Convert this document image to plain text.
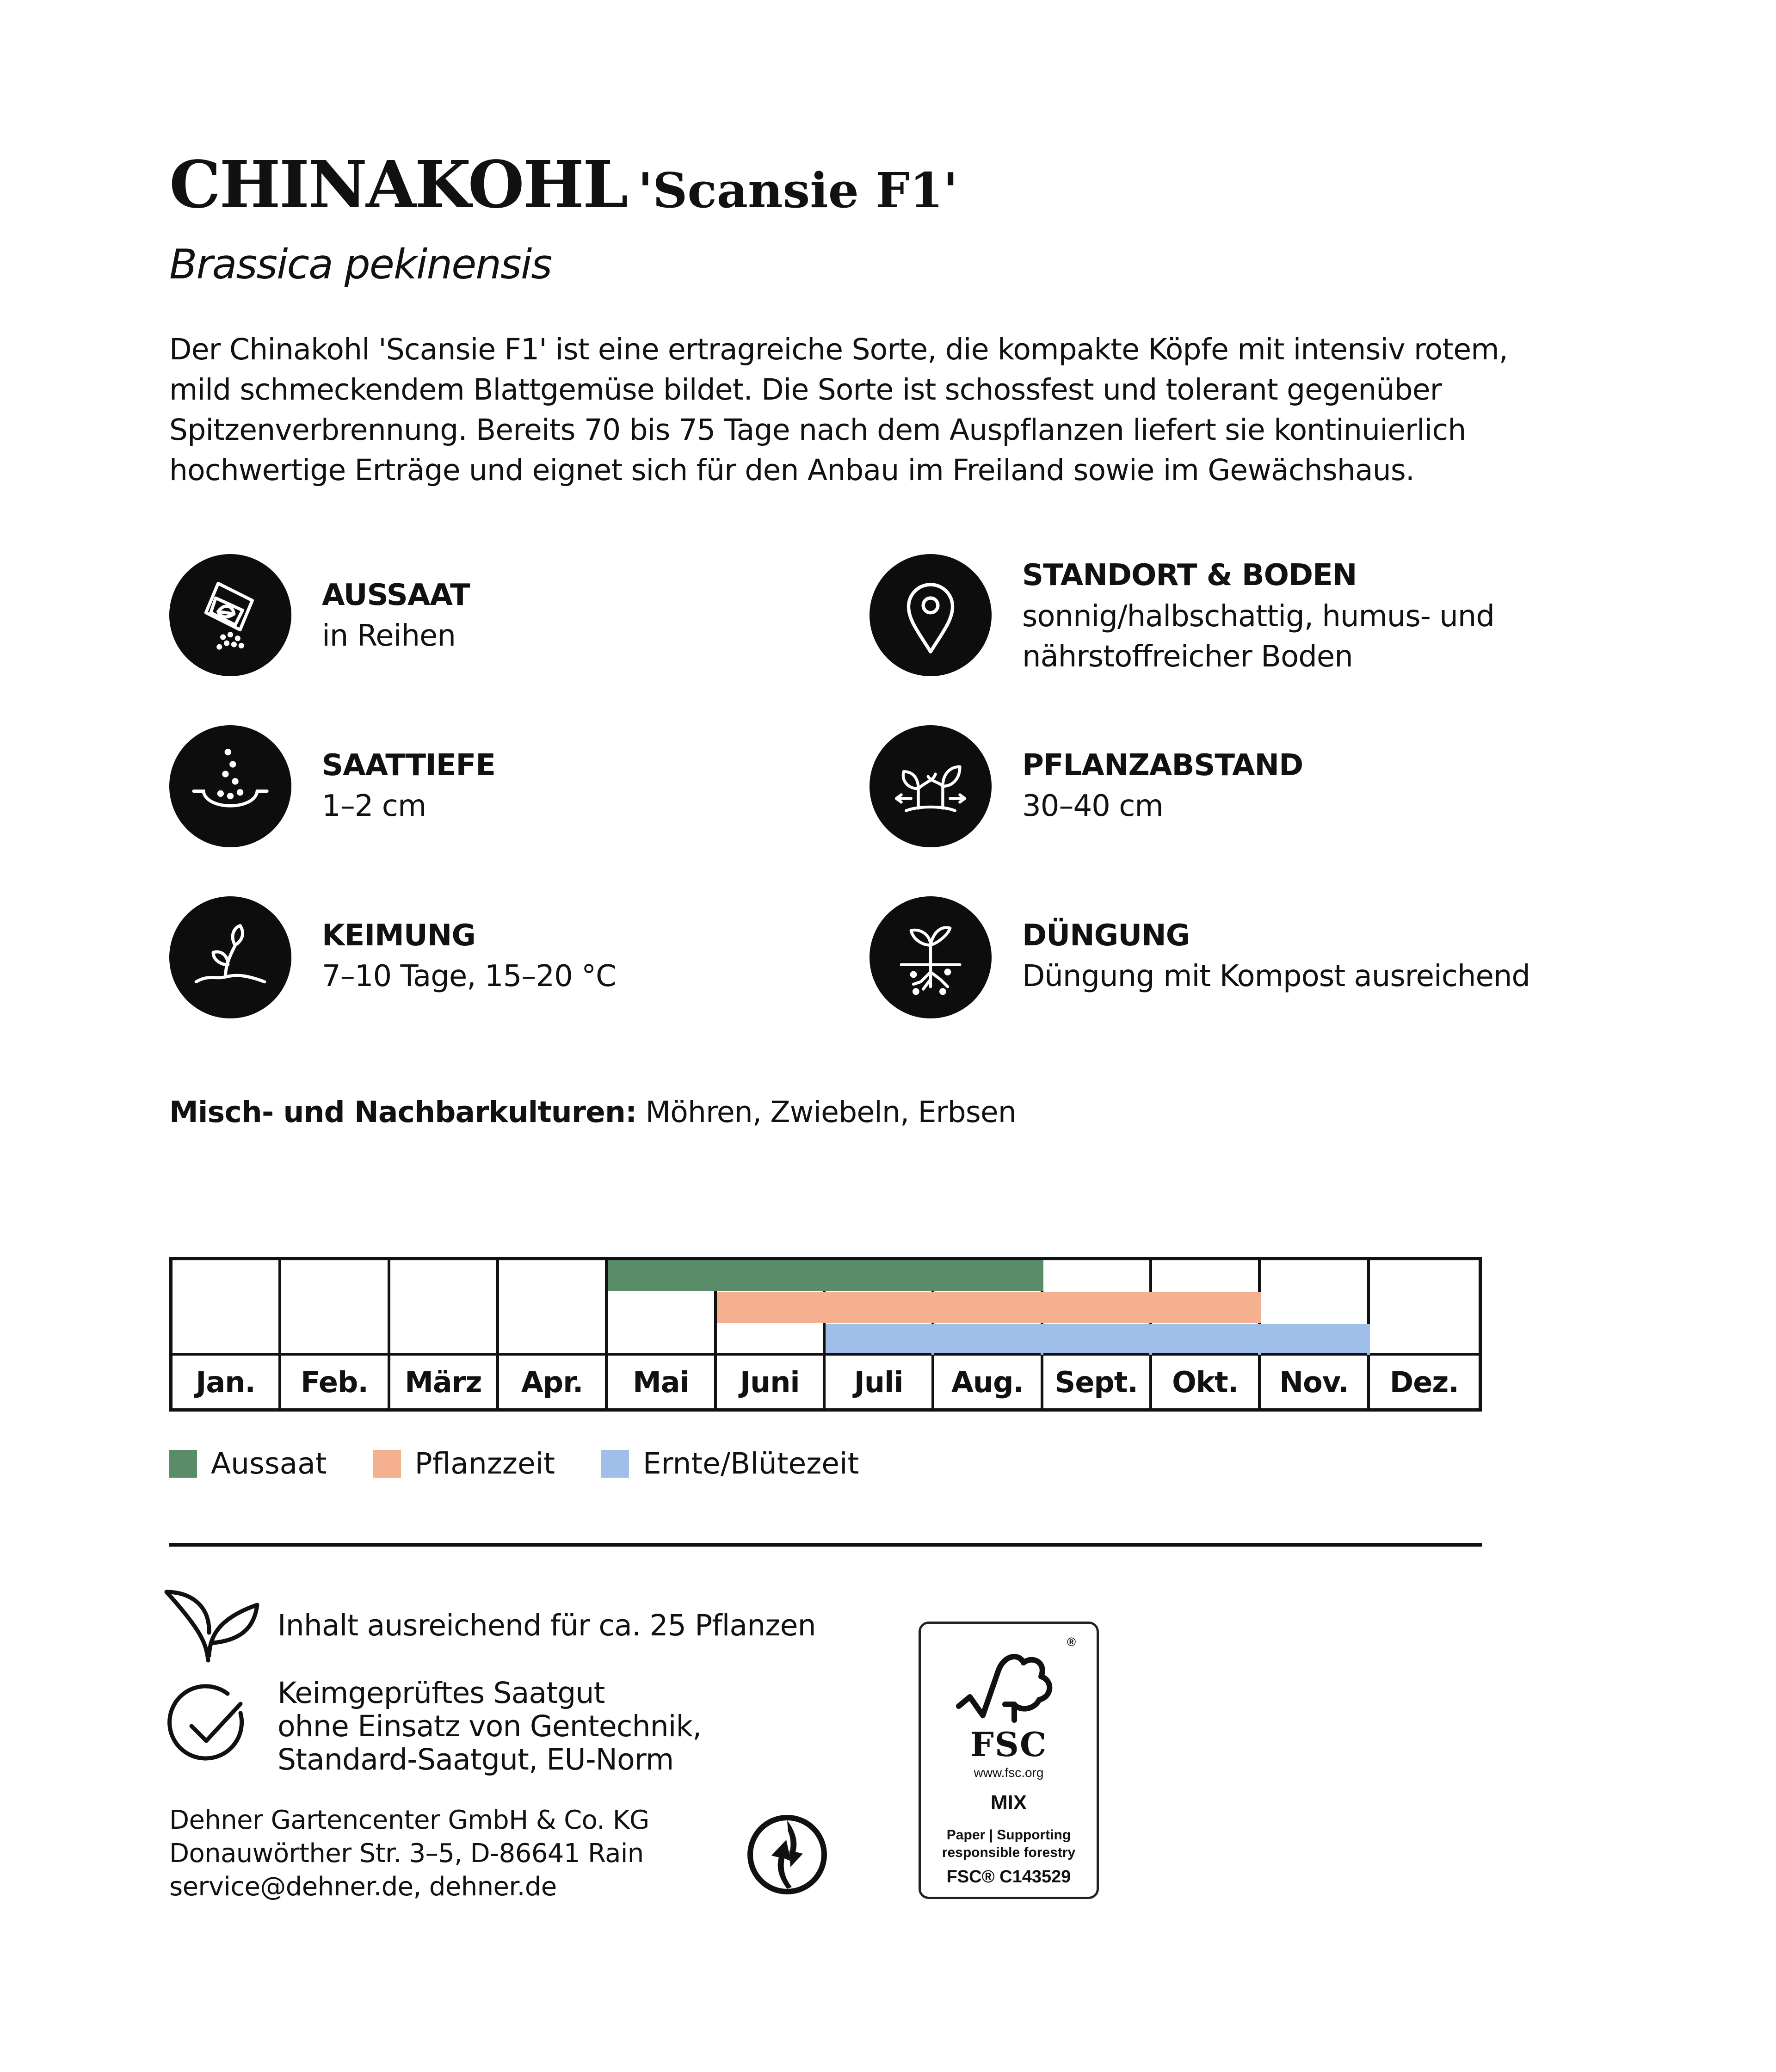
CHINAKOHL 'Scansie F1'
Brassica pekinensis
Der Chinakohl 'Scansie F1' ist eine ertragreiche Sorte, die kompakte Köpfe mit intensiv rotem,
mild schmeckendem Blattgemüse bildet. Die Sorte ist schossfest und tolerant gegenüber
Spitzenverbrennung. Bereits 70 bis 75 Tage nach dem Auspflanzen liefert sie kontinuierlich
hochwertige Erträge und eignet sich für den Anbau im Freiland sowie im Gewächshaus.
AUSSAAT
in Reihen
STANDORT & BODEN
sonnig/halbschattig, humus- und
nährstoffreicher Boden
SAATTIEFE
1–2 cm
PFLANZABSTAND
30–40 cm
KEIMUNG
7–10 Tage, 15–20 °C
DÜNGUNG
Düngung mit Kompost ausreichend
Misch- und Nachbarkulturen: Möhren, Zwiebeln, Erbsen
Jan.	Feb.	März	Apr.	Mai	Juni	Juli	Aug.	Sept.	Okt.	Nov.	Dez.
Aussaat	Pflanzzeit	Ernte/Blütezeit
Inhalt ausreichend für ca. 25 Pflanzen
Keimgeprüftes Saatgut
ohne Einsatz von Gentechnik,
Standard-Saatgut, EU-Norm
Dehner Gartencenter GmbH & Co. KG
Donauwörther Str. 3–5, D-86641 Rain
service@dehner.de, dehner.de
®
FSC
www.fsc.org
MIX
Paper | Supporting
responsible forestry
FSC® C143529
